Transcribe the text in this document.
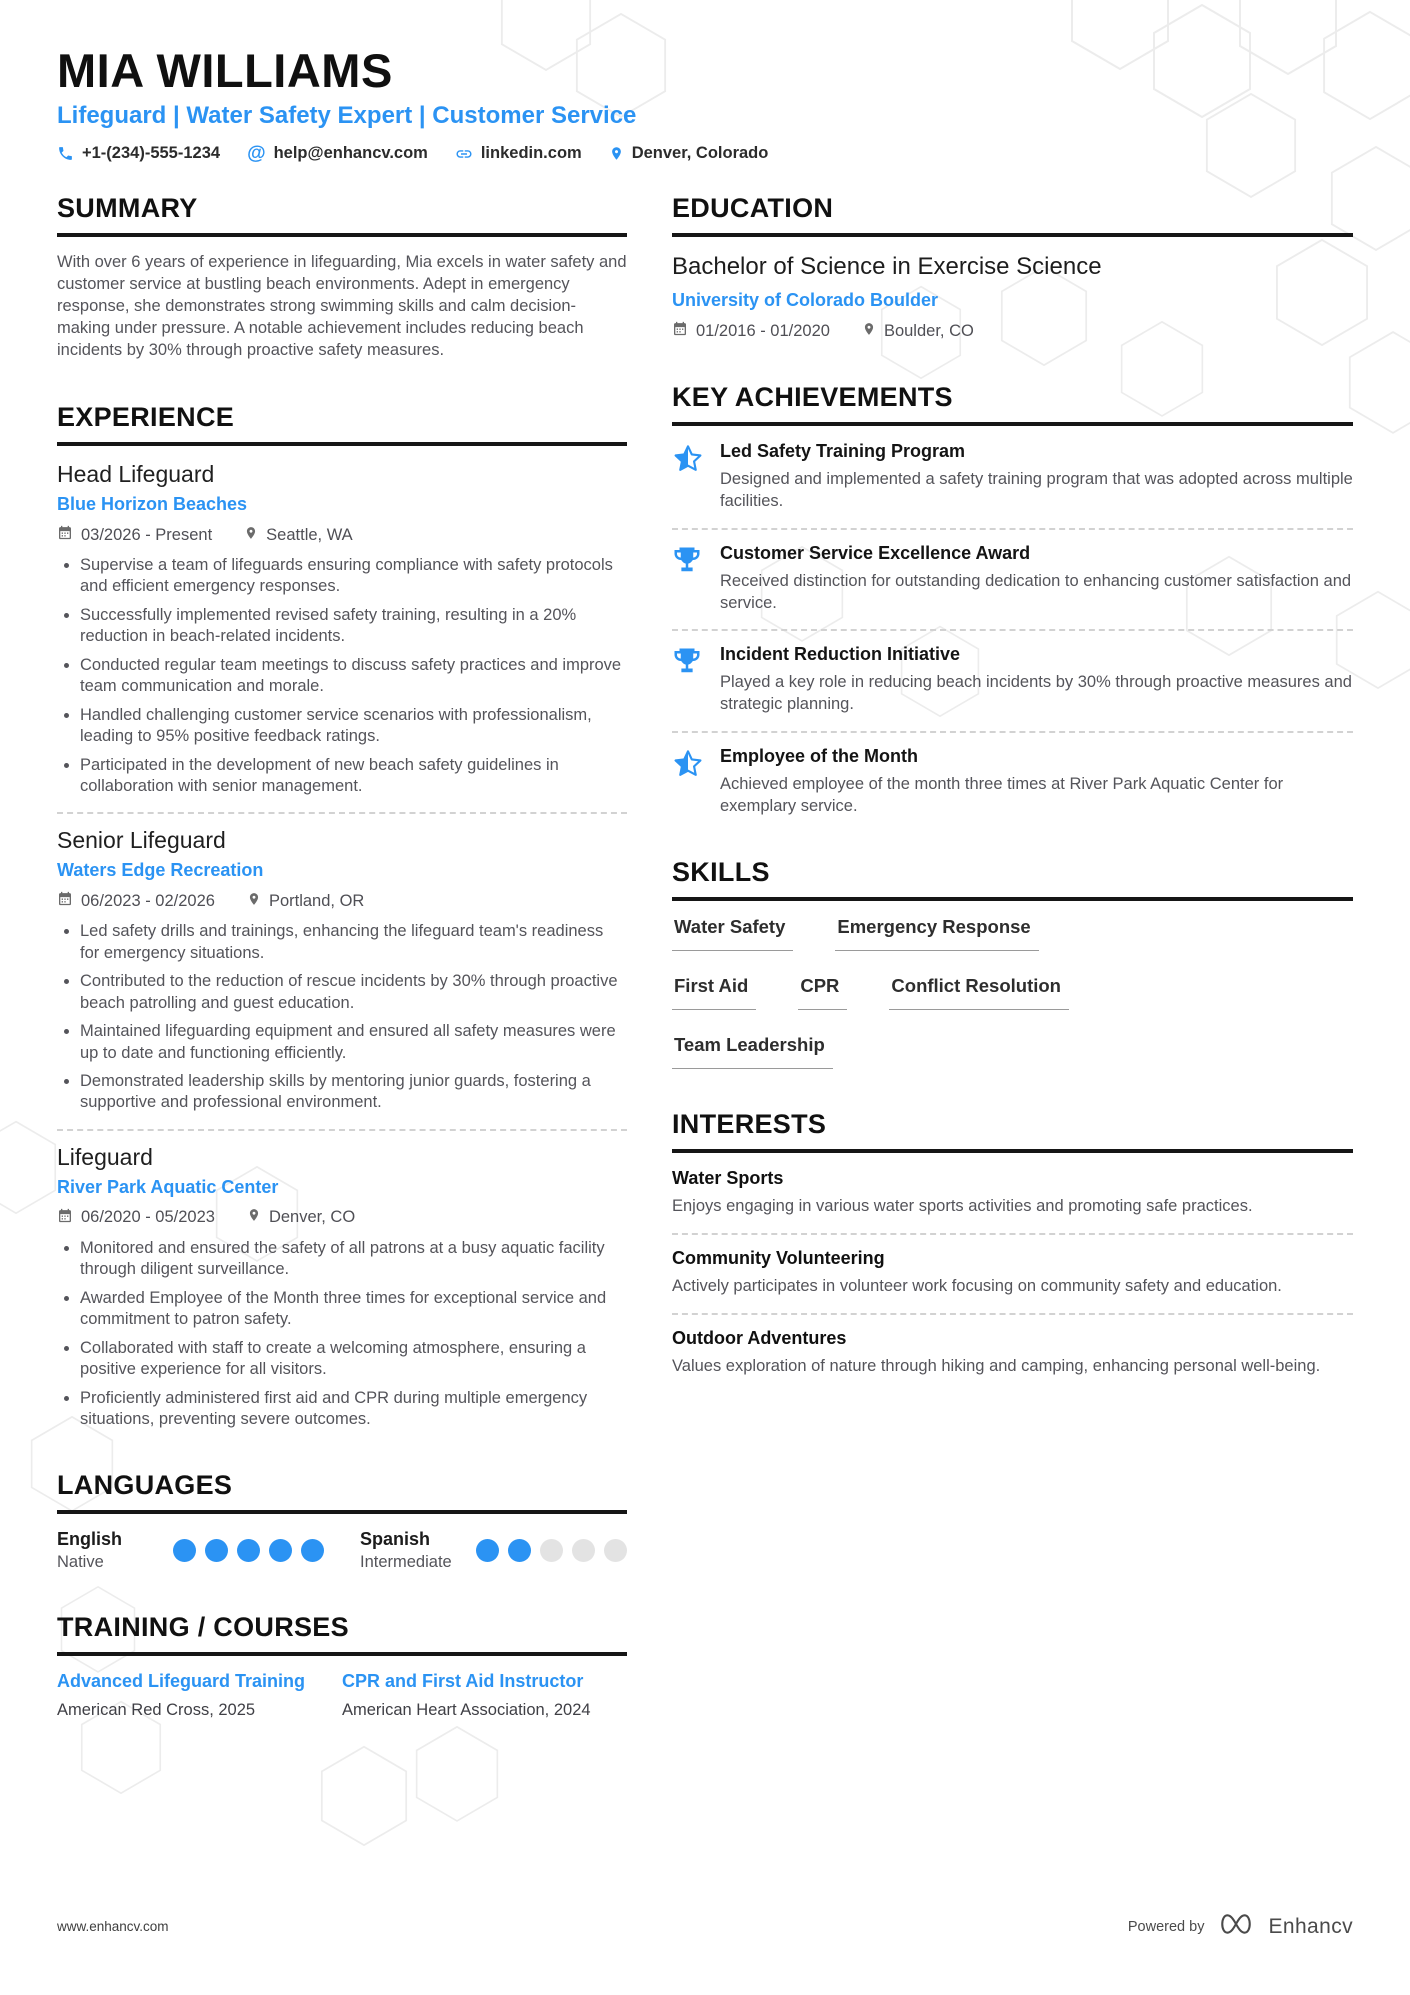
MIA WILLIAMS
Lifeguard | Water Safety Expert | Customer Service
+1-(234)-555-1234 @ help@enhancv.com	linkedin.com	Denver, Colorado
SUMMARY
With over 6 years of experience in lifeguarding, Mia excels in water safety and customer service at bustling beach environments. Adept in emergency response, she demonstrates strong swimming skills and calm decision-making under pressure. A notable achievement includes reducing beach incidents by 30% through proactive safety measures.
EXPERIENCE
Head Lifeguard
Blue Horizon Beaches
03/2026 - Present	Seattle, WA
• Supervise a team of lifeguards ensuring compliance with safety protocols and efficient emergency responses.
• Successfully implemented revised safety training, resulting in a 20% reduction in beach-related incidents.
• Conducted regular team meetings to discuss safety practices and improve team communication and morale.
• Handled challenging customer service scenarios with professionalism, leading to 95% positive feedback ratings.
• Participated in the development of new beach safety guidelines in collaboration with senior management.
Senior Lifeguard
Waters Edge Recreation
06/2023 - 02/2026	Portland, OR
• Led safety drills and trainings, enhancing the lifeguard team's readiness for emergency situations.
• Contributed to the reduction of rescue incidents by 30% through proactive beach patrolling and guest education.
• Maintained lifeguarding equipment and ensured all safety measures were up to date and functioning efficiently.
• Demonstrated leadership skills by mentoring junior guards, fostering a supportive and professional environment.
Lifeguard
River Park Aquatic Center
06/2020 - 05/2023	Denver, CO
• Monitored and ensured the safety of all patrons at a busy aquatic facility through diligent surveillance.
• Awarded Employee of the Month three times for exceptional service and commitment to patron safety.
• Collaborated with staff to create a welcoming atmosphere, ensuring a positive experience for all visitors.
• Proficiently administered first aid and CPR during multiple emergency situations, preventing severe outcomes.
LANGUAGES
English
Native
Spanish
Intermediate
TRAINING / COURSES
Advanced Lifeguard Training
American Red Cross, 2025
CPR and First Aid Instructor
American Heart Association, 2024
EDUCATION
Bachelor of Science in Exercise Science
University of Colorado Boulder
01/2016 - 01/2020	Boulder, CO
KEY ACHIEVEMENTS
Led Safety Training Program
Designed and implemented a safety training program that was adopted across multiple facilities.
Customer Service Excellence Award
Received distinction for outstanding dedication to enhancing customer satisfaction and service.
Incident Reduction Initiative
Played a key role in reducing beach incidents by 30% through proactive measures and strategic planning.
Employee of the Month
Achieved employee of the month three times at River Park Aquatic Center for exemplary service.
SKILLS
Water Safety	Emergency Response
First Aid	CPR	Conflict Resolution
Team Leadership
INTERESTS
Water Sports
Enjoys engaging in various water sports activities and promoting safe practices.
Community Volunteering
Actively participates in volunteer work focusing on community safety and education.
Outdoor Adventures
Values exploration of nature through hiking and camping, enhancing personal well-being.
www.enhancv.com	Powered by	Enhancv
